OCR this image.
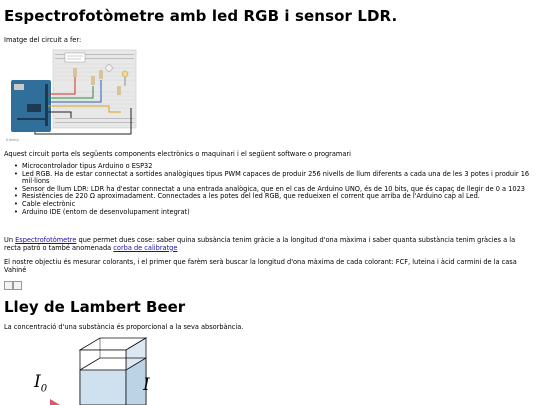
Espectrofotòmetre amb led RGB i sensor LDR.
Imatge del circuit a fer:
fritzing
Aquest circuit porta els següents components electrònics o maquinari i el següent software o programari
• Microcontrolador tipus Arduino o ESP32
• Led RGB. Ha de estar connectat a sortides analògiques tipus PWM capaces de produir 256 nivells de llum diferents a cada una de les 3 potes i produir 16 mil·lions
• Sensor de llum LDR: LDR ha d'estar connectat a una entrada analògica, que en el cas de Arduino UNO, és de 10 bits, que és capaç de llegir de 0 a 1023
• Resistències de 220 Ω aproximadament. Connectades a les potes del led RGB, que redueixen el corrent que arriba de l'Arduino cap al Led.
• Cable electrònic
• Arduino IDE (entorn de desenvolupament integrat)
Un Espectrofotòmetre que permet dues cose: saber quina subsància tenim gràcie a la longitud d'ona màxima i saber quanta substància tenim gràcies a la recta patró o també anomenada corba de calibratge
El nostre objectiu és mesurar colorants, i el primer que farèm serà buscar la longitud d'ona màxima de cada colorant: FCF, luteina i àcid carmini de la casa Vahiné
Lley de Lambert Beer
La concentració d'una substància és proporcional a la seva absorbància.
$I_0$	I
